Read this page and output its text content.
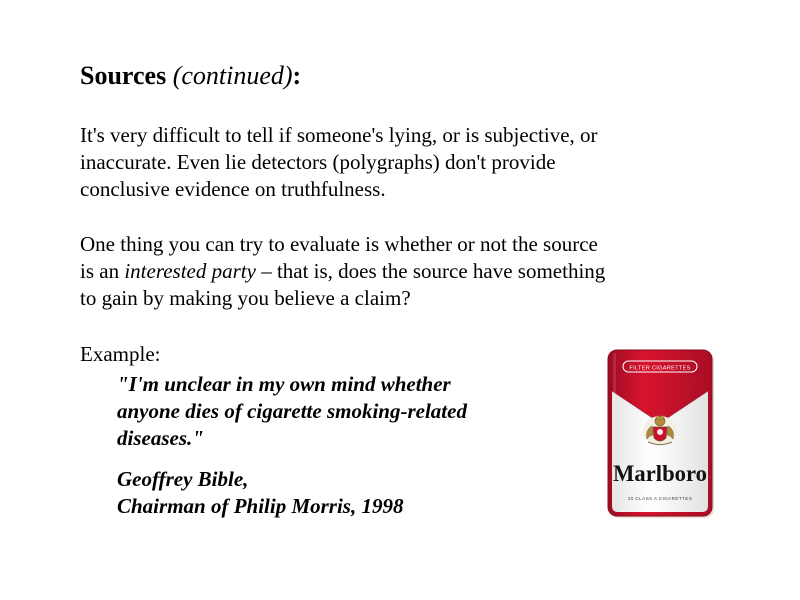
Sources (continued):

It's very difficult to tell if someone's lying, or is subjective, or
inaccurate. Even lie detectors (polygraphs) don't provide
conclusive evidence on truthfulness.

One thing you can try to evaluate is whether or not the source
is an interested party – that is, does the source have something
to gain by making you believe a claim?

Example:
"I'm unclear in my own mind whether
anyone dies of cigarette smoking-related
diseases."
Geoffrey Bible,
Chairman of Philip Morris, 1998
FILTER CIGARETTES
Marlboro
20 CLASS A CIGARETTES
